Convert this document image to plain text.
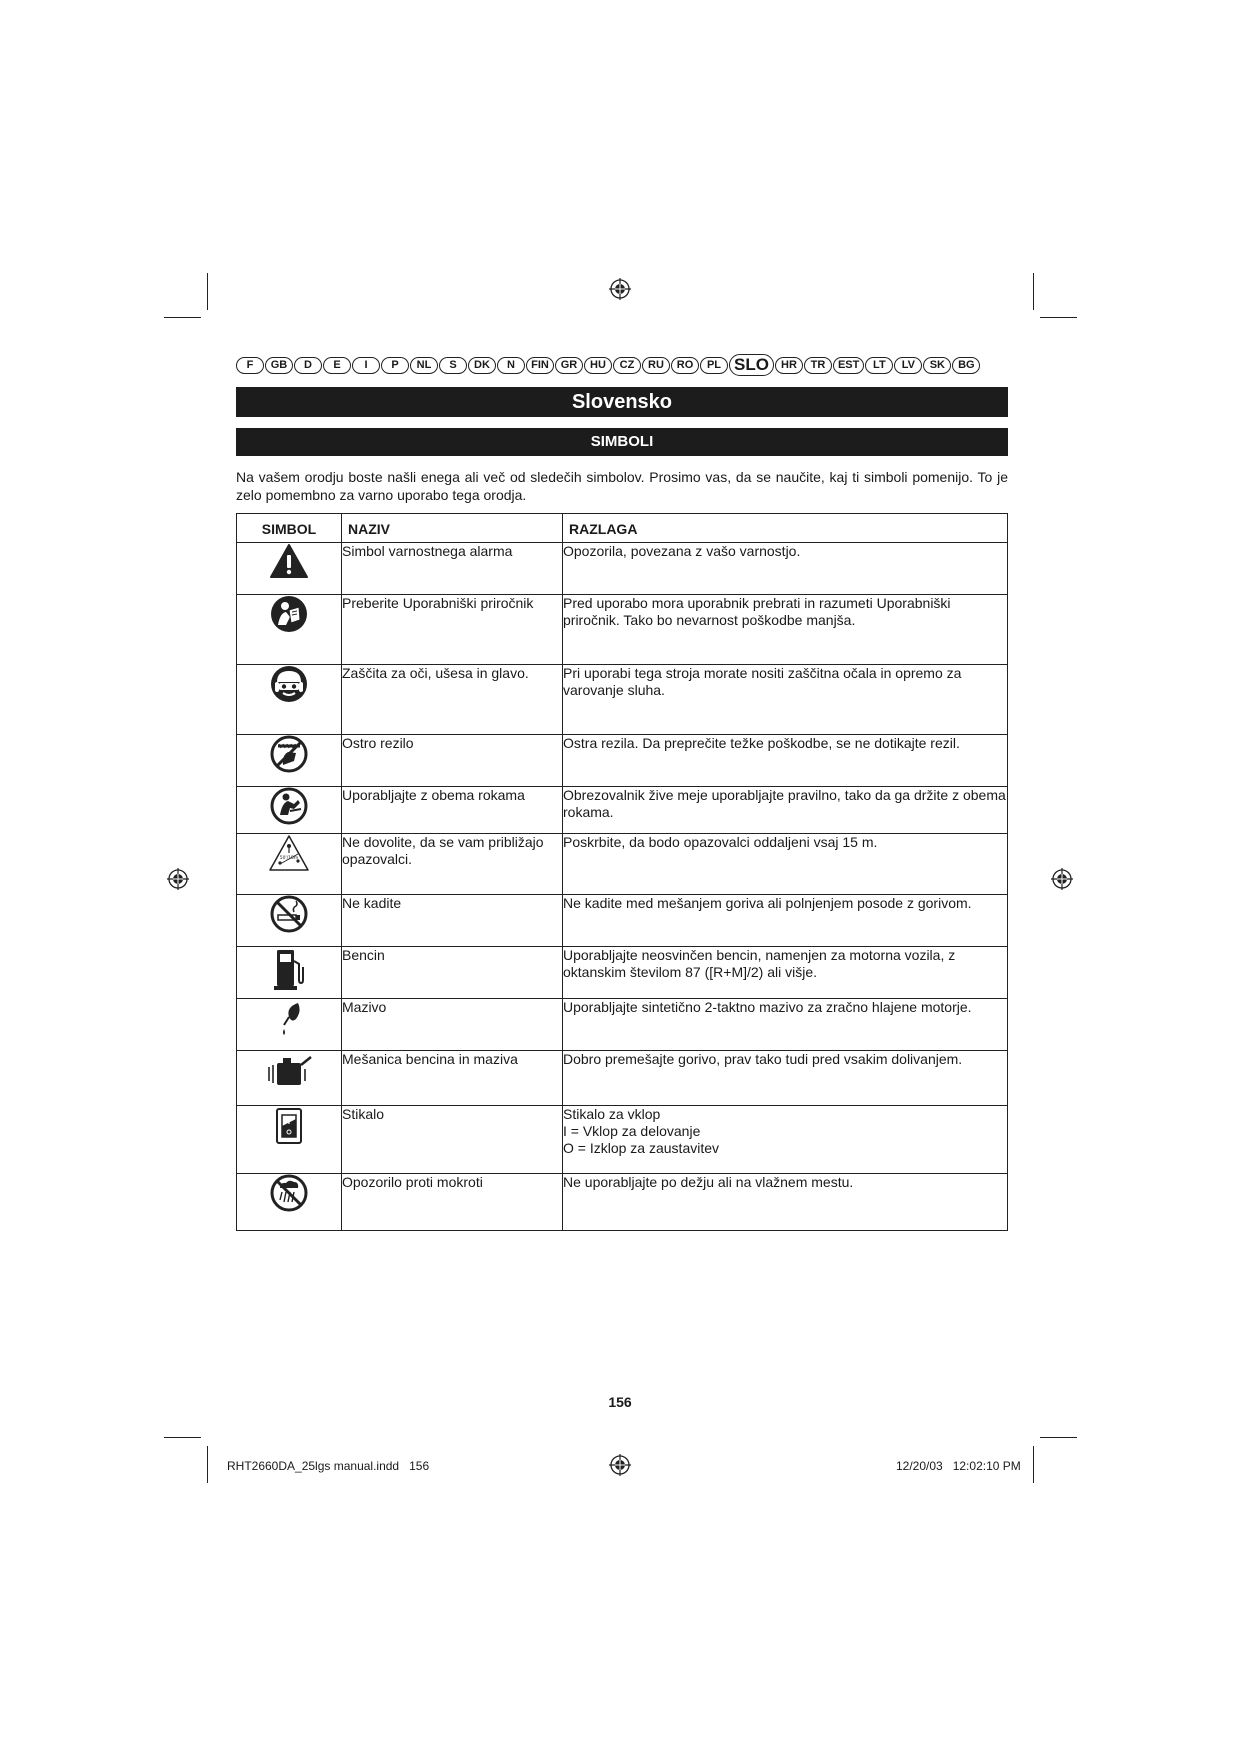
F	GB	D	E	I	P	NL	S	DK	N	FIN	GR	HU	CZ	RU	RO	PL SLO	HR	TR	EST	LT	LV	SK	BG
Slovensko
SIMBOLI
Na vašem orodju boste našli enega ali več od sledečih simbolov. Prosimo vas, da se naučite, kaj ti simboli pomenijo. To je zelo pomembno za varno uporabo tega orodja.
SIMBOL	NAZIV	RAZLAGA

	Simbol varnostnega alarma	Opozorila, povezana z vašo varnostjo.

	Preberite Uporabniški priročnik	Pred uporabo mora uporabnik prebrati in razumeti Uporabniški priročnik. Tako bo nevarnost poškodbe manjša.

	Zaščita za oči, ušesa in glavo.	Pri uporabi tega stroja morate nositi zaščitna očala in opremo za varovanje sluha.

	Ostro rezilo	Ostra rezila. Da preprečite težke poškodbe, se ne dotikajte rezil.

	Uporabljajte z obema rokama	Obrezovalnik žive meje uporabljajte pravilno, tako da ga držite z obema rokama.

50'/15m	Ne dovolite, da se vam približajo opazovalci.	Poskrbite, da bodo opazovalci oddaljeni vsaj 15 m.

	Ne kadite	Ne kadite med mešanjem goriva ali polnjenjem posode z gorivom.

	Bencin	Uporabljajte neosvinčen bencin, namenjen za motorna vozila, z oktanskim številom 87 ([R+M]/2) ali višje.

	Mazivo	Uporabljajte sintetično 2-taktno mazivo za zračno hlajene motorje.

	Mešanica bencina in maziva	Dobro premešajte gorivo, prav tako tudi pred vsakim dolivanjem.

	Stikalo	Stikalo za vklop
I = Vklop za delovanje
O = Izklop za zaustavitev

	Opozorilo proti mokroti	Ne uporabljajte po dežju ali na vlažnem mestu.
156
RHT2660DA_25lgs manual.indd   156	12/20/03   12:02:10 PM
